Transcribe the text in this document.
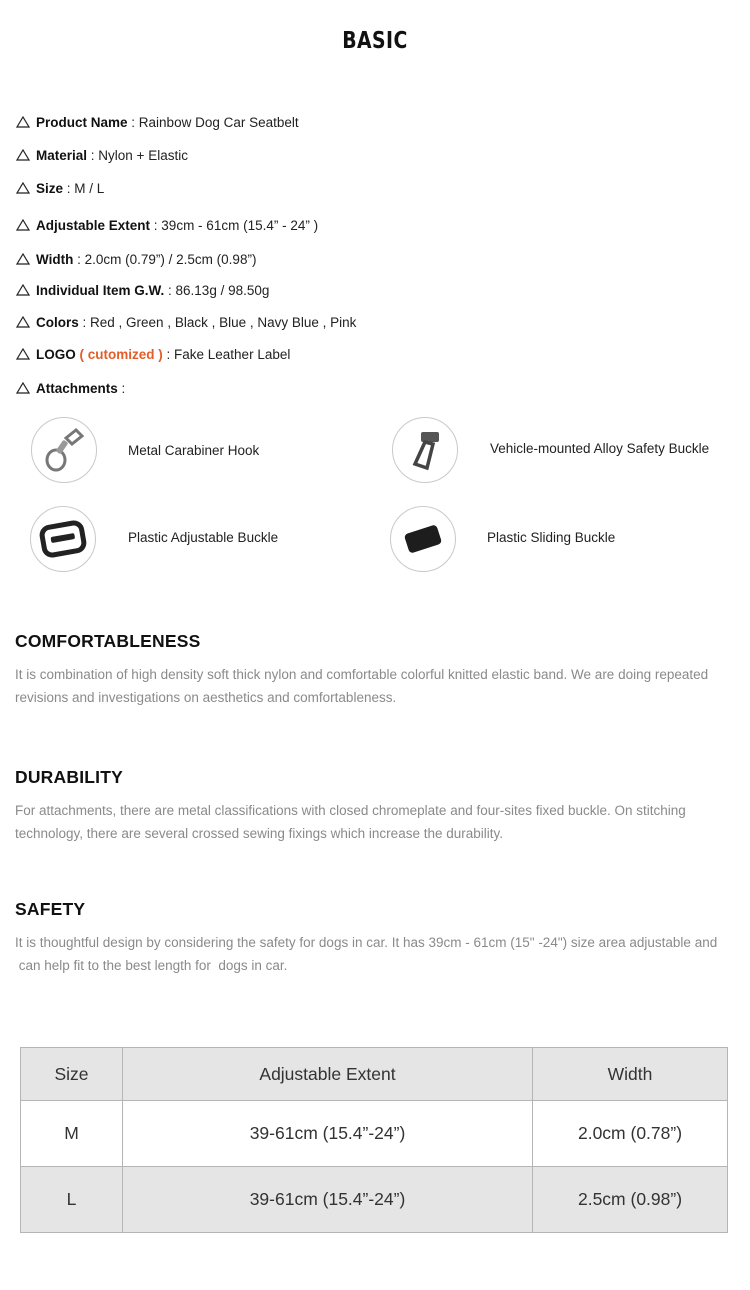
BASIC
Product Name : Rainbow Dog Car Seatbelt
Material : Nylon + Elastic
Size : M / L
Adjustable Extent : 39cm - 61cm (15.4” - 24” )
Width : 2.0cm (0.79”) / 2.5cm (0.98”)
Individual Item G.W. : 86.13g / 98.50g
Colors : Red , Green , Black , Blue , Navy Blue , Pink
LOGO ( cutomized ) : Fake Leather Label
Attachments :
Metal Carabiner Hook	Vehicle-mounted Alloy Safety Buckle
Plastic Adjustable Buckle	Plastic Sliding Buckle
COMFORTABLENESS
It is combination of high density soft thick nylon and comfortable colorful knitted elastic band. We are doing repeated
revisions and investigations on aesthetics and comfortableness.
DURABILITY
For attachments, there are metal classifications with closed chromeplate and four-sites fixed buckle. On stitching
technology, there are several crossed sewing fixings which increase the durability.
SAFETY
It is thoughtful design by considering the safety for dogs in car. It has 39cm - 61cm (15" -24") size area adjustable and
can help fit to the best length for  dogs in car.
Size	Adjustable Extent	Width
M	39-61cm (15.4”-24”)	2.0cm (0.78”)
L	39-61cm (15.4”-24”)	2.5cm (0.98”)
